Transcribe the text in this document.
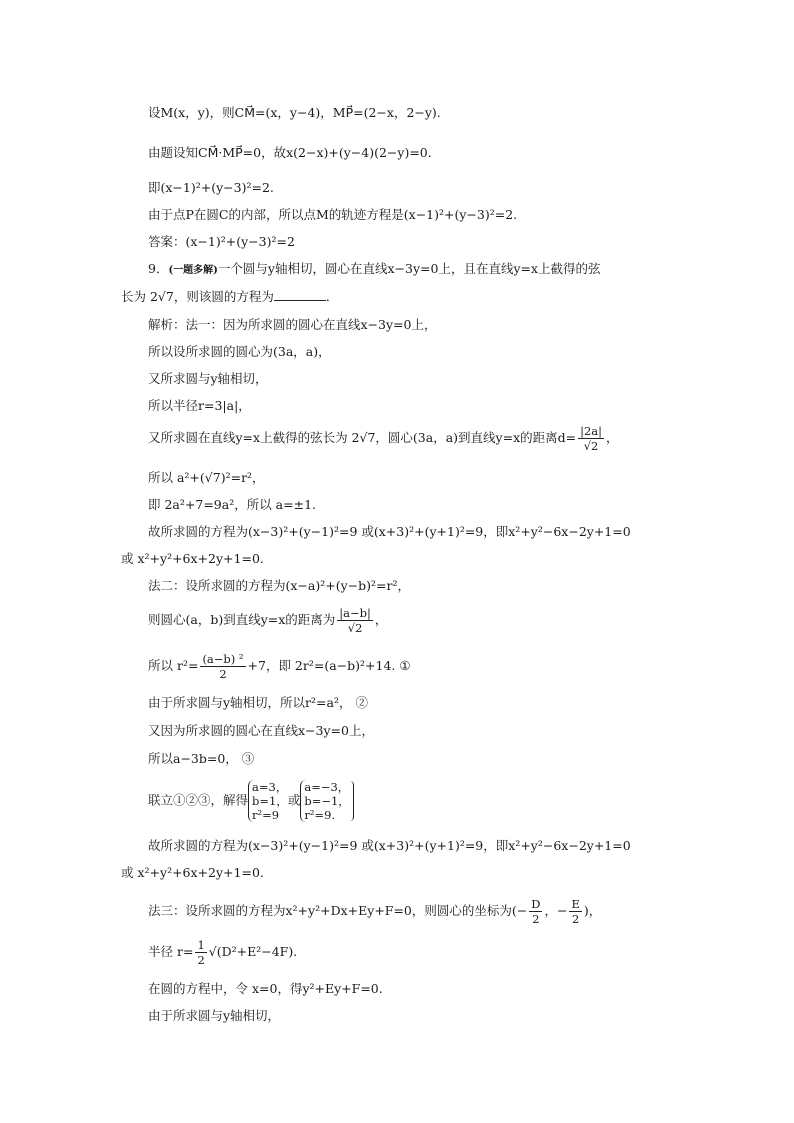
设M(x，y)，则CM⃗=(x，y−4)，MP⃗=(2−x，2−y).
由题设知CM⃗·MP⃗=0，故x(2−x)+(y−4)(2−y)=0.
即(x−1)²+(y−3)²=2.
由于点P在圆C的内部，所以点M的轨迹方程是(x−1)²+(y−3)²=2.
答案：(x−1)²+(y−3)²=2
9．(一题多解)一个圆与y轴相切，圆心在直线x−3y=0上，且在直线y=x上截得的弦
长为 2√7，则该圆的方程为	．
解析：法一：因为所求圆的圆心在直线x−3y=0上，
所以设所求圆的圆心为(3a，a)，
又所求圆与y轴相切，
所以半径r=3|a|，
又所求圆在直线y=x上截得的弦长为 2√7，圆心(3a，a)到直线y=x的距离$d= \frac{|2a|}{√2}$ ，
所以 a²+(√7)²=r²，
即 2a²+7=9a²，所以 a=±1.
故所求圆的方程为(x−3)²+(y−1)²=9 或(x+3)²+(y+1)²=9，即x²+y²−6x−2y+1=0
或 x²+y²+6x+2y+1=0.
法二：设所求圆的方程为(x−a)²+(y−b)²=r²，
则圆心(a，b)到直线y=x的距离为 $\frac{|a-b|}{√2}$ ，
所以 $r^2= \frac{\text{(a−b) ²}}{2} +7$，即 2r²=(a−b)²+14. ①
由于所求圆与y轴相切，所以r²=a²， ②
又因为所求圆的圆心在直线x−3y=0上，
所以a−3b=0， ③
联立①②③，解得
a=3，
b=1，
r²=9
或
a=−3，
b=−1，
r²=9.
故所求圆的方程为(x−3)²+(y−1)²=9 或(x+3)²+(y+1)²=9，即x²+y²−6x−2y+1=0
或 x²+y²+6x+2y+1=0.
法三：设所求圆的方程为x²+y²+Dx+Ey+F=0，则圆心的坐标为(− $\frac{D}{2}$ ，− $\frac{E}{2}$ )，
半径 $r= \frac{1}{2} √(D^2+E^2-4F)$.
在圆的方程中，令 x=0，得y²+Ey+F=0.
由于所求圆与y轴相切，
